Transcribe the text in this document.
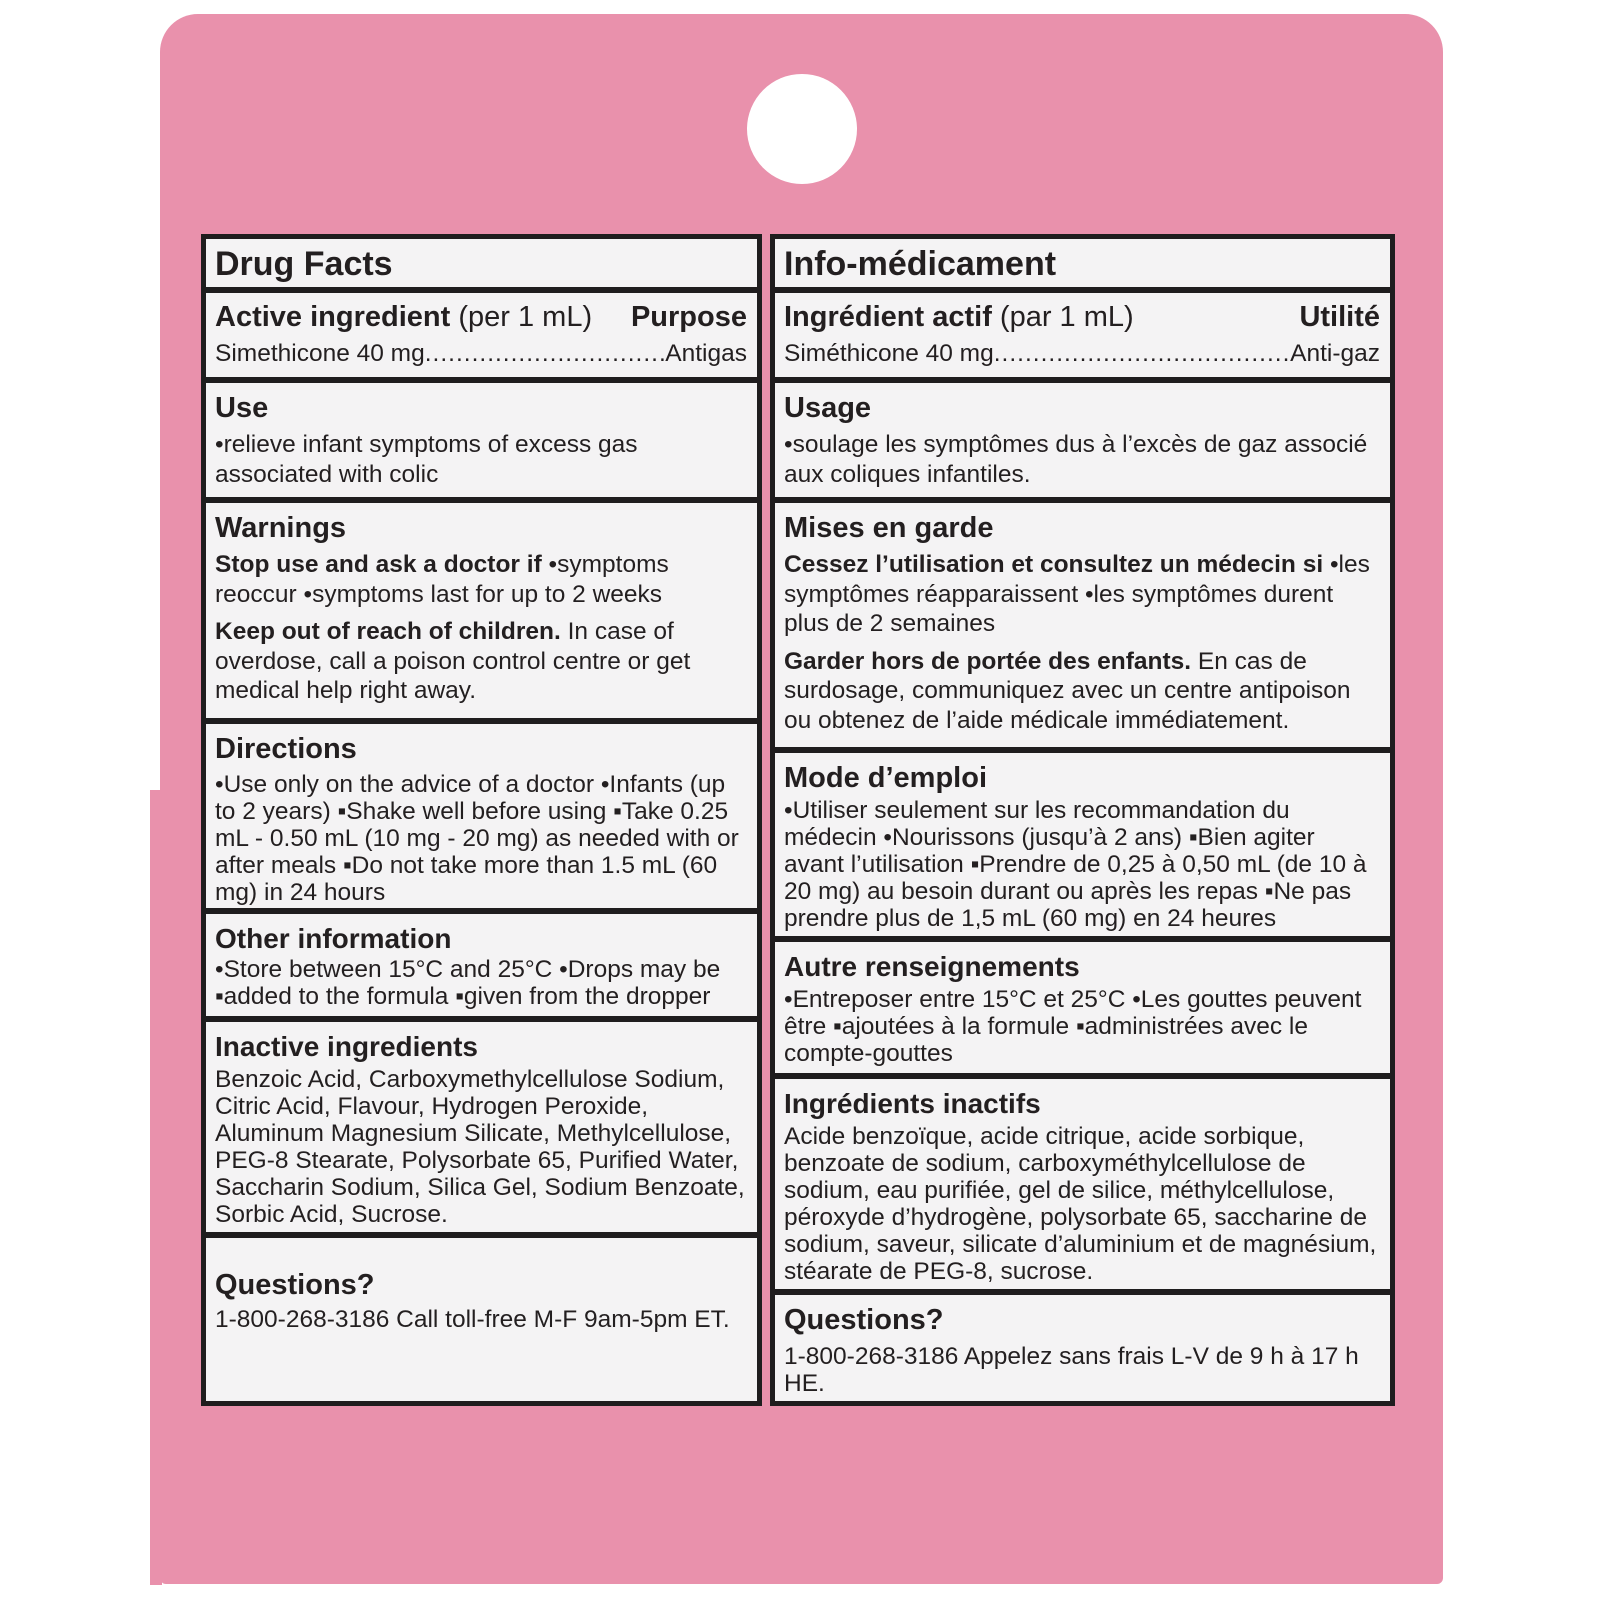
Drug Facts
Active ingredient (per 1 mL) Purpose
Simethicone 40 mg .....	Antigas
Use
•relieve infant symptoms of excess gas associated with colic
Warnings
Stop use and ask a doctor if •symptoms reoccur •symptoms last for up to 2 weeks
Keep out of reach of children. In case of overdose, call a poison control centre or get medical help right away.
Directions
•Use only on the advice of a doctor •Infants (up to 2 years) ▪Shake well before using ▪Take 0.25 mL - 0.50 mL (10 mg - 20 mg) as needed with or after meals ▪Do not take more than 1.5 mL (60 mg) in 24 hours
Other information
•Store between 15°C and 25°C •Drops may be ▪added to the formula ▪given from the dropper
Inactive ingredients
Benzoic Acid, Carboxymethylcellulose Sodium, Citric Acid, Flavour, Hydrogen Peroxide, Aluminum Magnesium Silicate, Methylcellulose, PEG-8 Stearate, Polysorbate 65, Purified Water, Saccharin Sodium, Silica Gel, Sodium Benzoate, Sorbic Acid, Sucrose.
Questions?
1-800-268-3186 Call toll-free M-F 9am-5pm ET.
Info-médicament
Ingrédient actif (par 1 mL)	Utilité
Siméthicone 40 mg .....	Anti-gaz
Usage
•soulage les symptômes dus à l’excès de gaz associé aux coliques infantiles.
Mises en garde
Cessez l’utilisation et consultez un médecin si •les symptômes réapparaissent •les symptômes durent plus de 2 semaines
Garder hors de portée des enfants. En cas de surdosage, communiquez avec un centre antipoison ou obtenez de l’aide médicale immédiatement.
Mode d’emploi
•Utiliser seulement sur les recommandation du médecin •Nourissons (jusqu’à 2 ans) ▪Bien agiter avant l’utilisation ▪Prendre de 0,25 à 0,50 mL (de 10 à 20 mg) au besoin durant ou après les repas ▪Ne pas prendre plus de 1,5 mL (60 mg) en 24 heures
Autre renseignements
•Entreposer entre 15°C et 25°C •Les gouttes peuvent être ▪ajoutées à la formule ▪administrées avec le compte-gouttes
Ingrédients inactifs
Acide benzoïque, acide citrique, acide sorbique, benzoate de sodium, carboxyméthylcellulose de sodium, eau purifiée, gel de silice, méthylcellulose, péroxyde d’hydrogène, polysorbate 65, saccharine de sodium, saveur, silicate d’aluminium et de magnésium, stéarate de PEG-8, sucrose.
Questions?
1-800-268-3186 Appelez sans frais L-V de 9 h à 17 h HE.
